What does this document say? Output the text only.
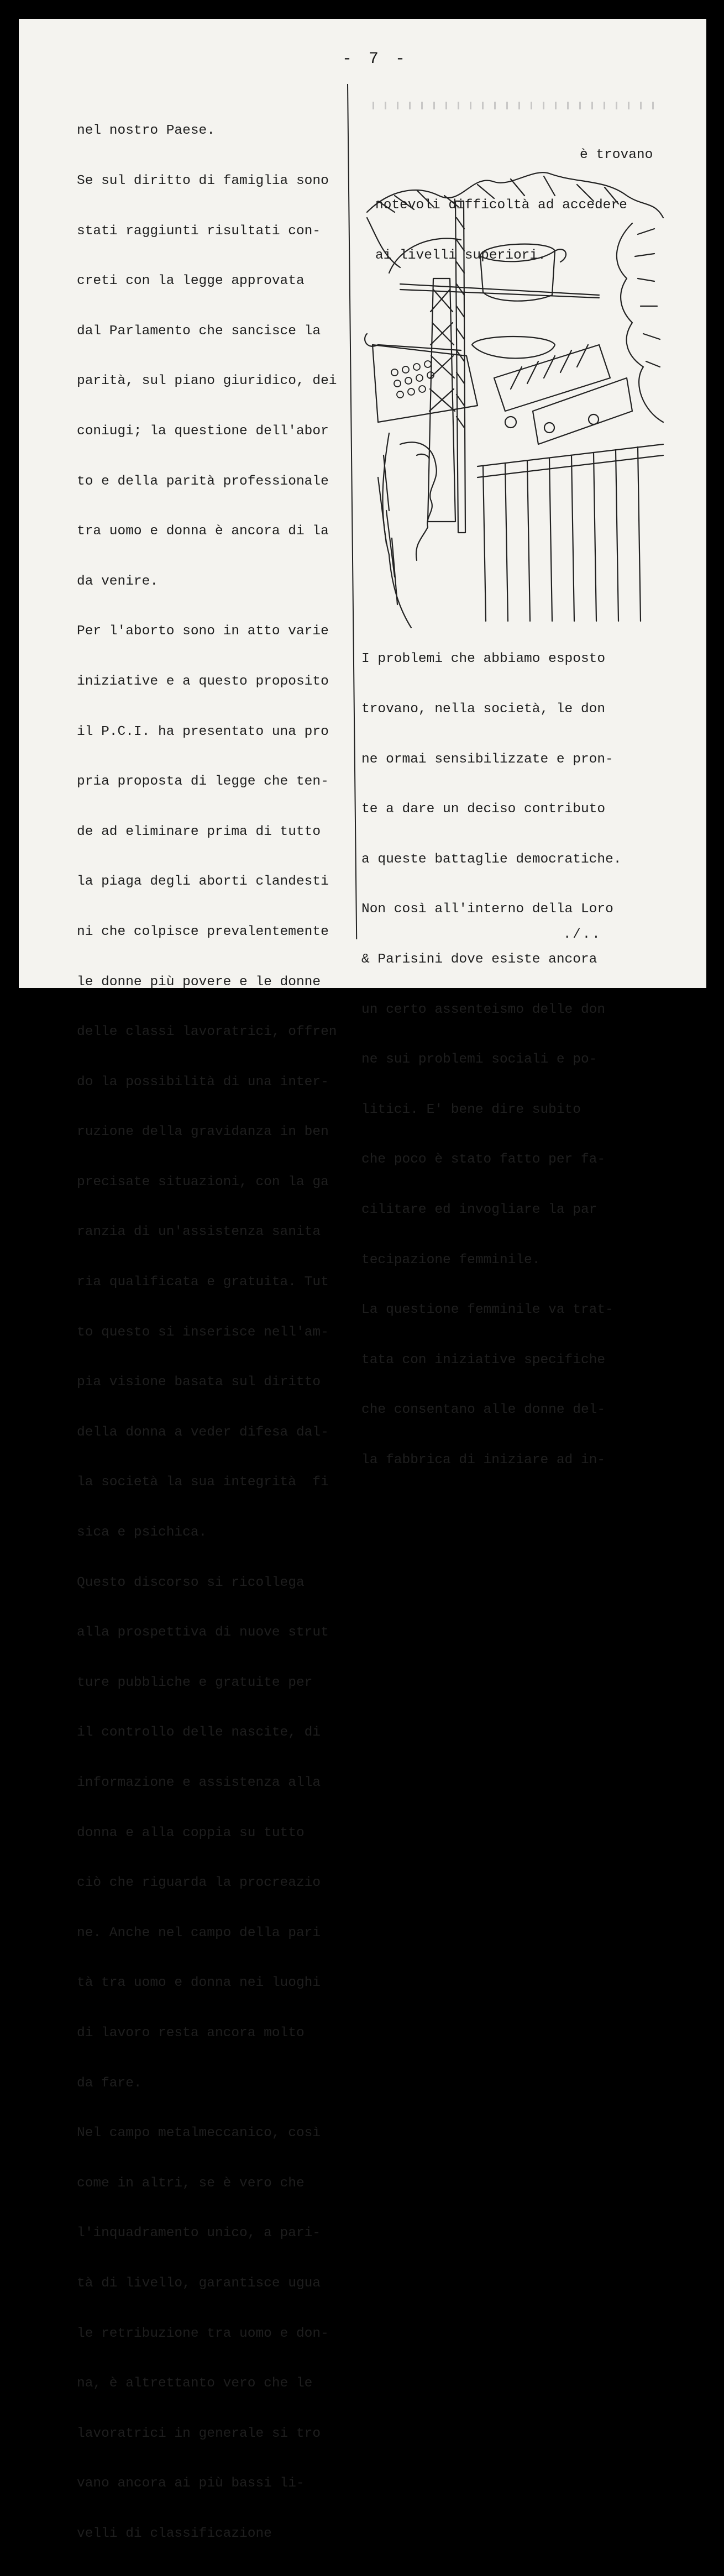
- 7 -

nel nostro Paese.

Se sul diritto di famiglia sono

stati raggiunti risultati con-

creti con la legge approvata

dal Parlamento che sancisce la

parità, sul piano giuridico, dei

coniugi; la questione dell'abor

to e della parità professionale

tra uomo e donna è ancora di la

da venire.

Per l'aborto sono in atto varie

iniziative e a questo proposito

il P.C.I. ha presentato una pro

pria proposta di legge che ten-

de ad eliminare prima di tutto

la piaga degli aborti clandesti

ni che colpisce prevalentemente

le donne più povere e le donne

delle classi lavoratrici, offren

do la possibilità di una inter-

ruzione della gravidanza in ben

precisate situazioni, con la ga

ranzia di un'assistenza sanita

ria qualificata e gratuita. Tut

to questo si inserisce nell'am-

pia visione basata sul diritto

della donna a veder difesa dal-

la società la sua integrità  fi

sica e psichica.

Questo discorso si ricollega

alla prospettiva di nuove strut

ture pubbliche e gratuite per

il controllo delle nascite, di

informazione e assistenza alla

donna e alla coppia su tutto

ciò che riguarda la procreazio

ne. Anche nel campo della pari

tà tra uomo e donna nei luoghi

di lavoro resta ancora molto

da fare.

Nel campo metalmeccanico, così

come in altri, se è vero che

l'inquadramento unico, a pari-

tà di livello, garantisce ugua

le retribuzione tra uomo e don-

na, è altrettanto vero che le

lavoratrici in generale si tro

vano ancora ai più bassi li-

velli di classificazione

è trovano

notevoli difficoltà ad accedere

ai livelli superiori.

I problemi che abbiamo esposto

trovano, nella società, le don

ne ormai sensibilizzate e pron-

te a dare un deciso contributo

a queste battaglie democratiche.

Non così all'interno della Loro

& Parisini dove esiste ancora

un certo assenteismo delle don

ne sui problemi sociali e po-

litici. E' bene dire subito

che poco è stato fatto per fa-

cilitare ed invogliare la par

tecipazione femminile.

La questione femminile va trat-

tata con iniziative specifiche

che consentano alle donne del-

la fabbrica di iniziare ad in-

./..
